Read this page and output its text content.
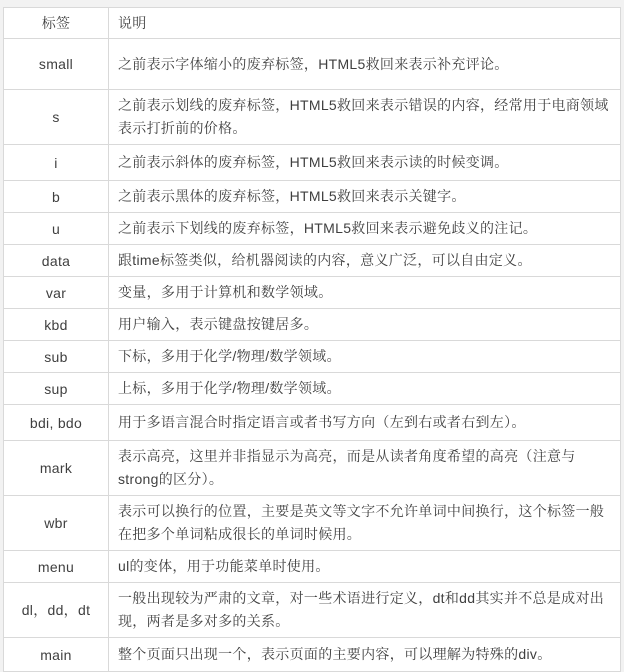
标签	说明
small	之前表示字体缩小的废弃标签，HTML5救回来表示补充评论。
s	之前表示划线的废弃标签，HTML5救回来表示错误的内容，经常用于电商领域表示打折前的价格。
i	之前表示斜体的废弃标签，HTML5救回来表示读的时候变调。
b	之前表示黑体的废弃标签，HTML5救回来表示关键字。
u	之前表示下划线的废弃标签，HTML5救回来表示避免歧义的注记。
data	跟time标签类似，给机器阅读的内容，意义广泛，可以自由定义。
var	变量，多用于计算机和数学领域。
kbd	用户输入，表示键盘按键居多。
sub	下标，多用于化学/物理/数学领域。
sup	上标，多用于化学/物理/数学领域。
bdi, bdo	用于多语言混合时指定语言或者书写方向（左到右或者右到左）。
mark	表示高亮，这里并非指显示为高亮，而是从读者角度希望的高亮（注意与strong的区分）。
wbr	表示可以换行的位置，主要是英文等文字不允许单词中间换行，这个标签一般在把多个单词粘成很长的单词时候用。
menu	ul的变体，用于功能菜单时使用。
dl，dd，dt	一般出现较为严肃的文章，对一些术语进行定义，dt和dd其实并不总是成对出现，两者是多对多的关系。
main	整个页面只出现一个，表示页面的主要内容，可以理解为特殊的div。
